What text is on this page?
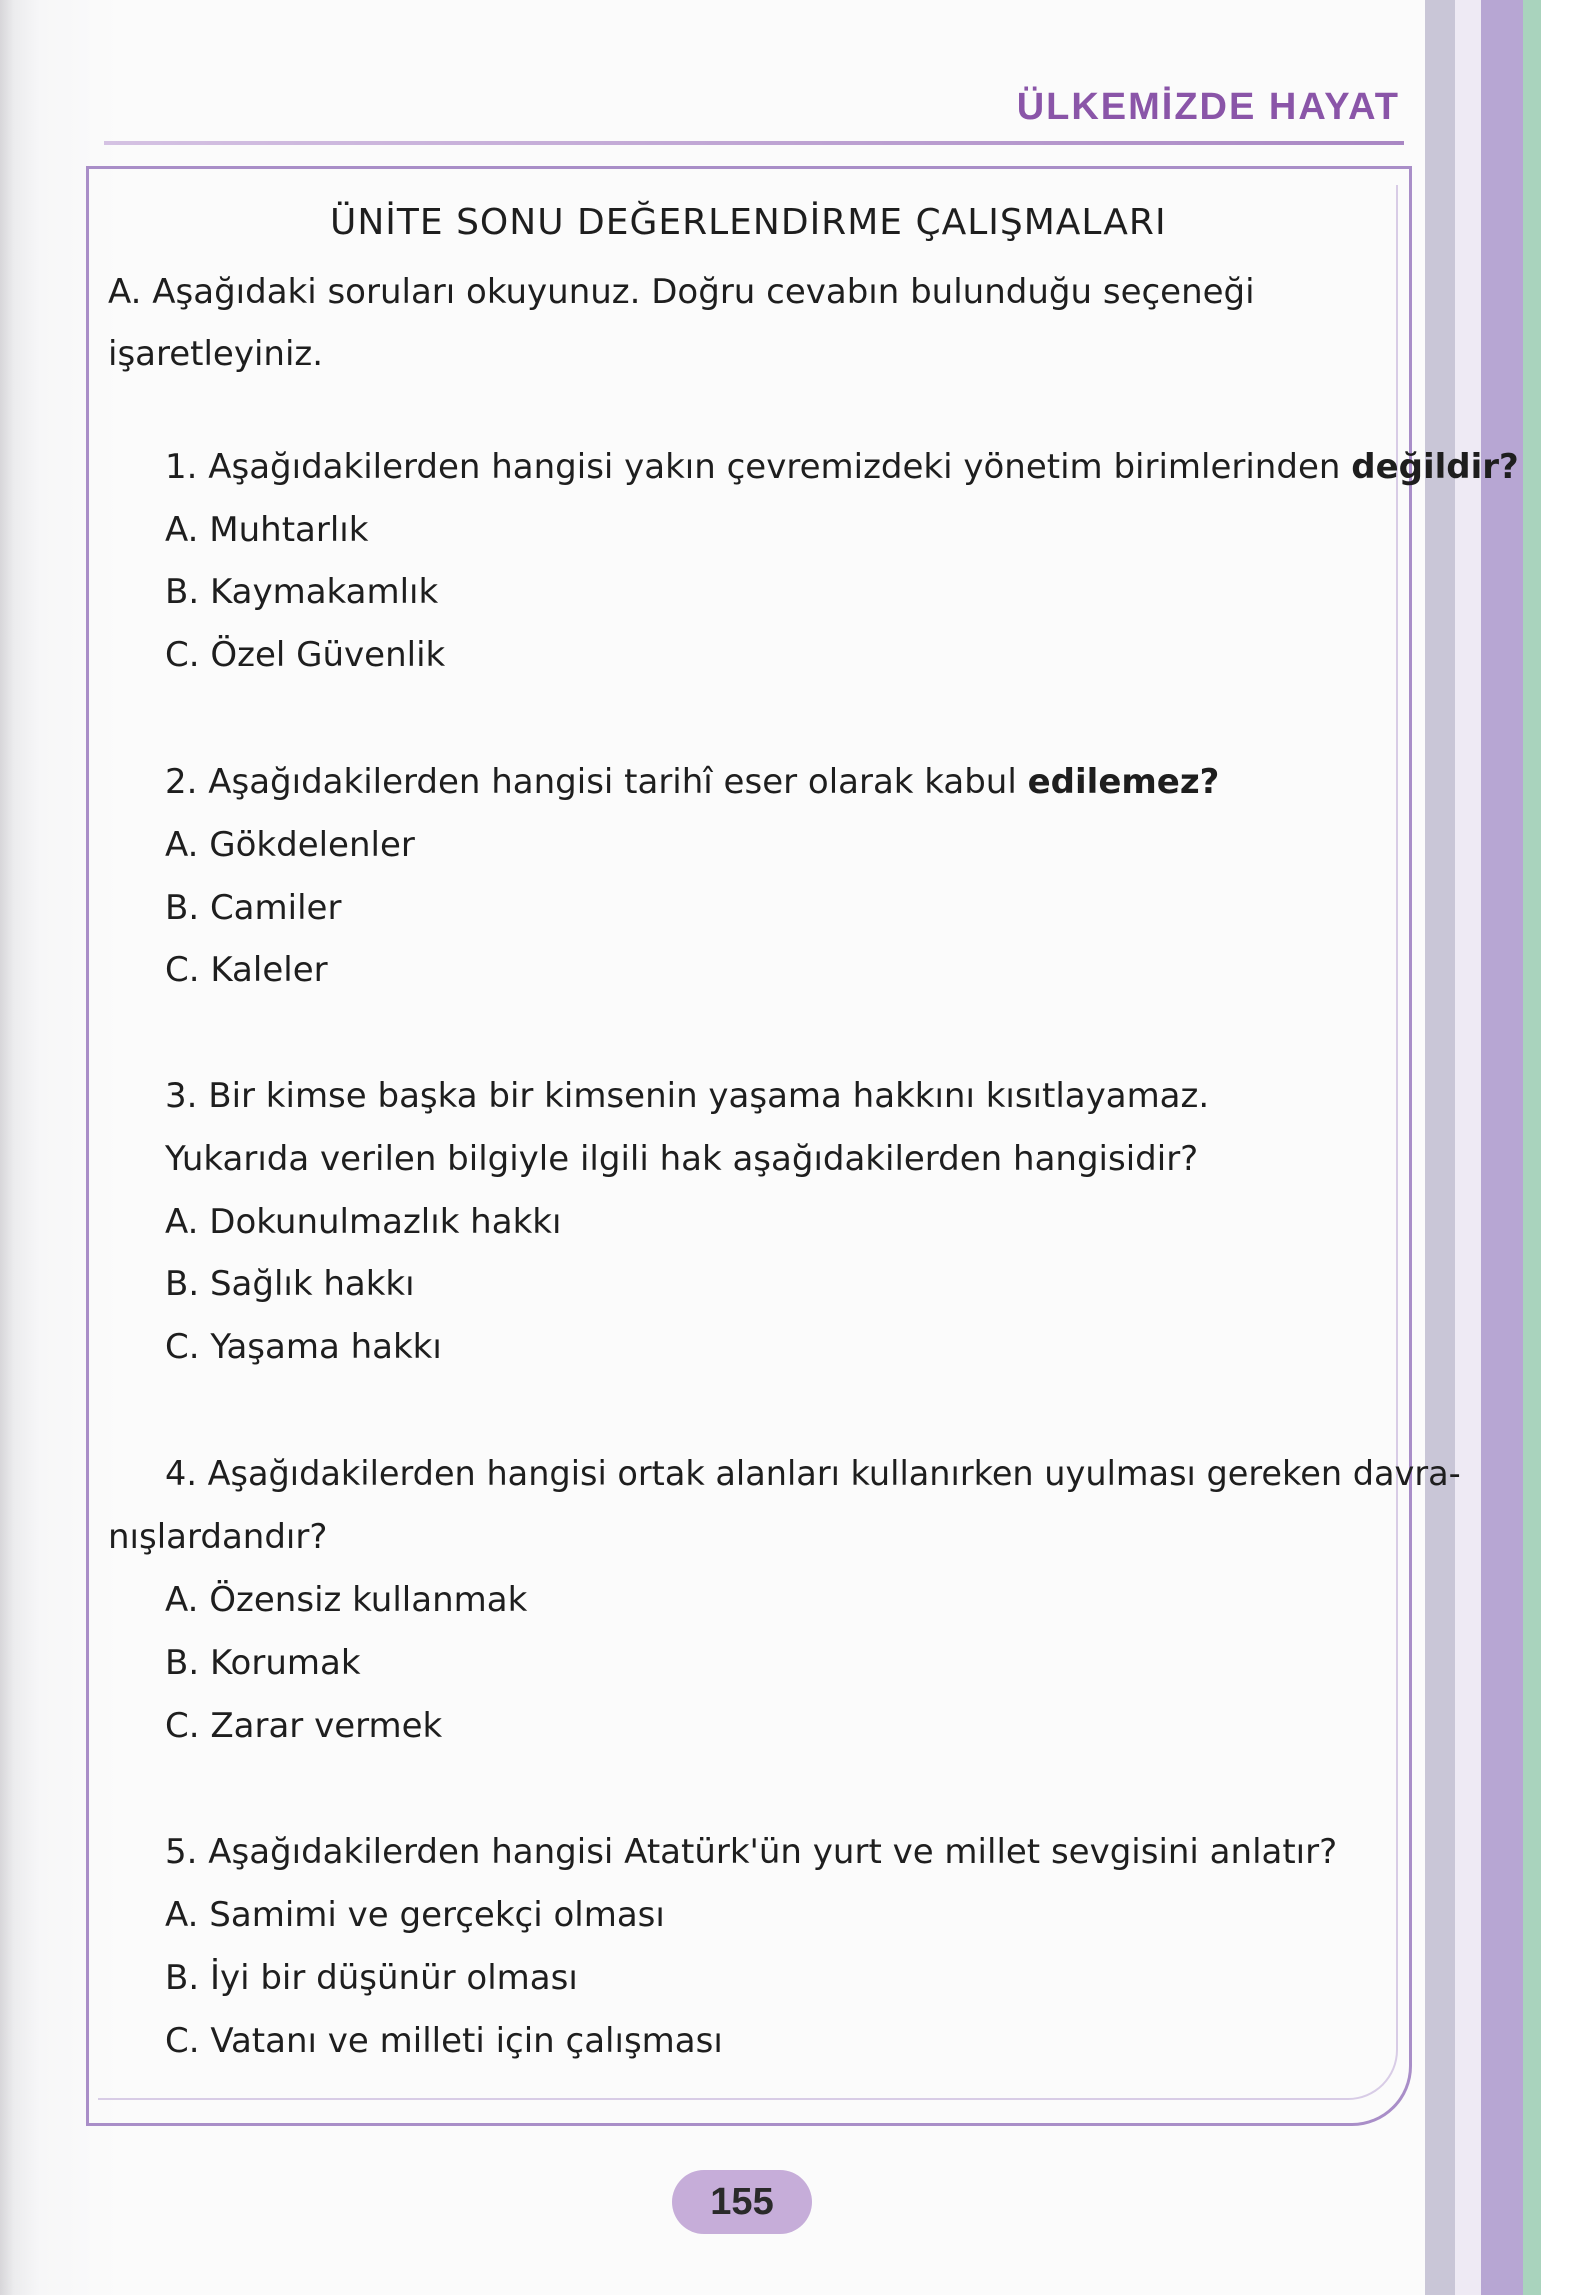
ÜLKEMİZDE HAYAT
ÜNİTE SONU DEĞERLENDİRME ÇALIŞMALARI
A. Aşağıdaki soruları okuyunuz. Doğru cevabın bulunduğu seçeneği
işaretleyiniz.
1. Aşağıdakilerden hangisi yakın çevremizdeki yönetim birimlerinden değildir?
A. Muhtarlık
B. Kaymakamlık
C. Özel Güvenlik
2. Aşağıdakilerden hangisi tarihî eser olarak kabul edilemez?
A. Gökdelenler
B. Camiler
C. Kaleler
3. Bir kimse başka bir kimsenin yaşama hakkını kısıtlayamaz.
Yukarıda verilen bilgiyle ilgili hak aşağıdakilerden hangisidir?
A. Dokunulmazlık hakkı
B. Sağlık hakkı
C. Yaşama hakkı
4. Aşağıdakilerden hangisi ortak alanları kullanırken uyulması gereken davra-
nışlardandır?
A. Özensiz kullanmak
B. Korumak
C. Zarar vermek
5. Aşağıdakilerden hangisi Atatürk'ün yurt ve millet sevgisini anlatır?
A. Samimi ve gerçekçi olması
B. İyi bir düşünür olması
C. Vatanı ve milleti için çalışması
155
